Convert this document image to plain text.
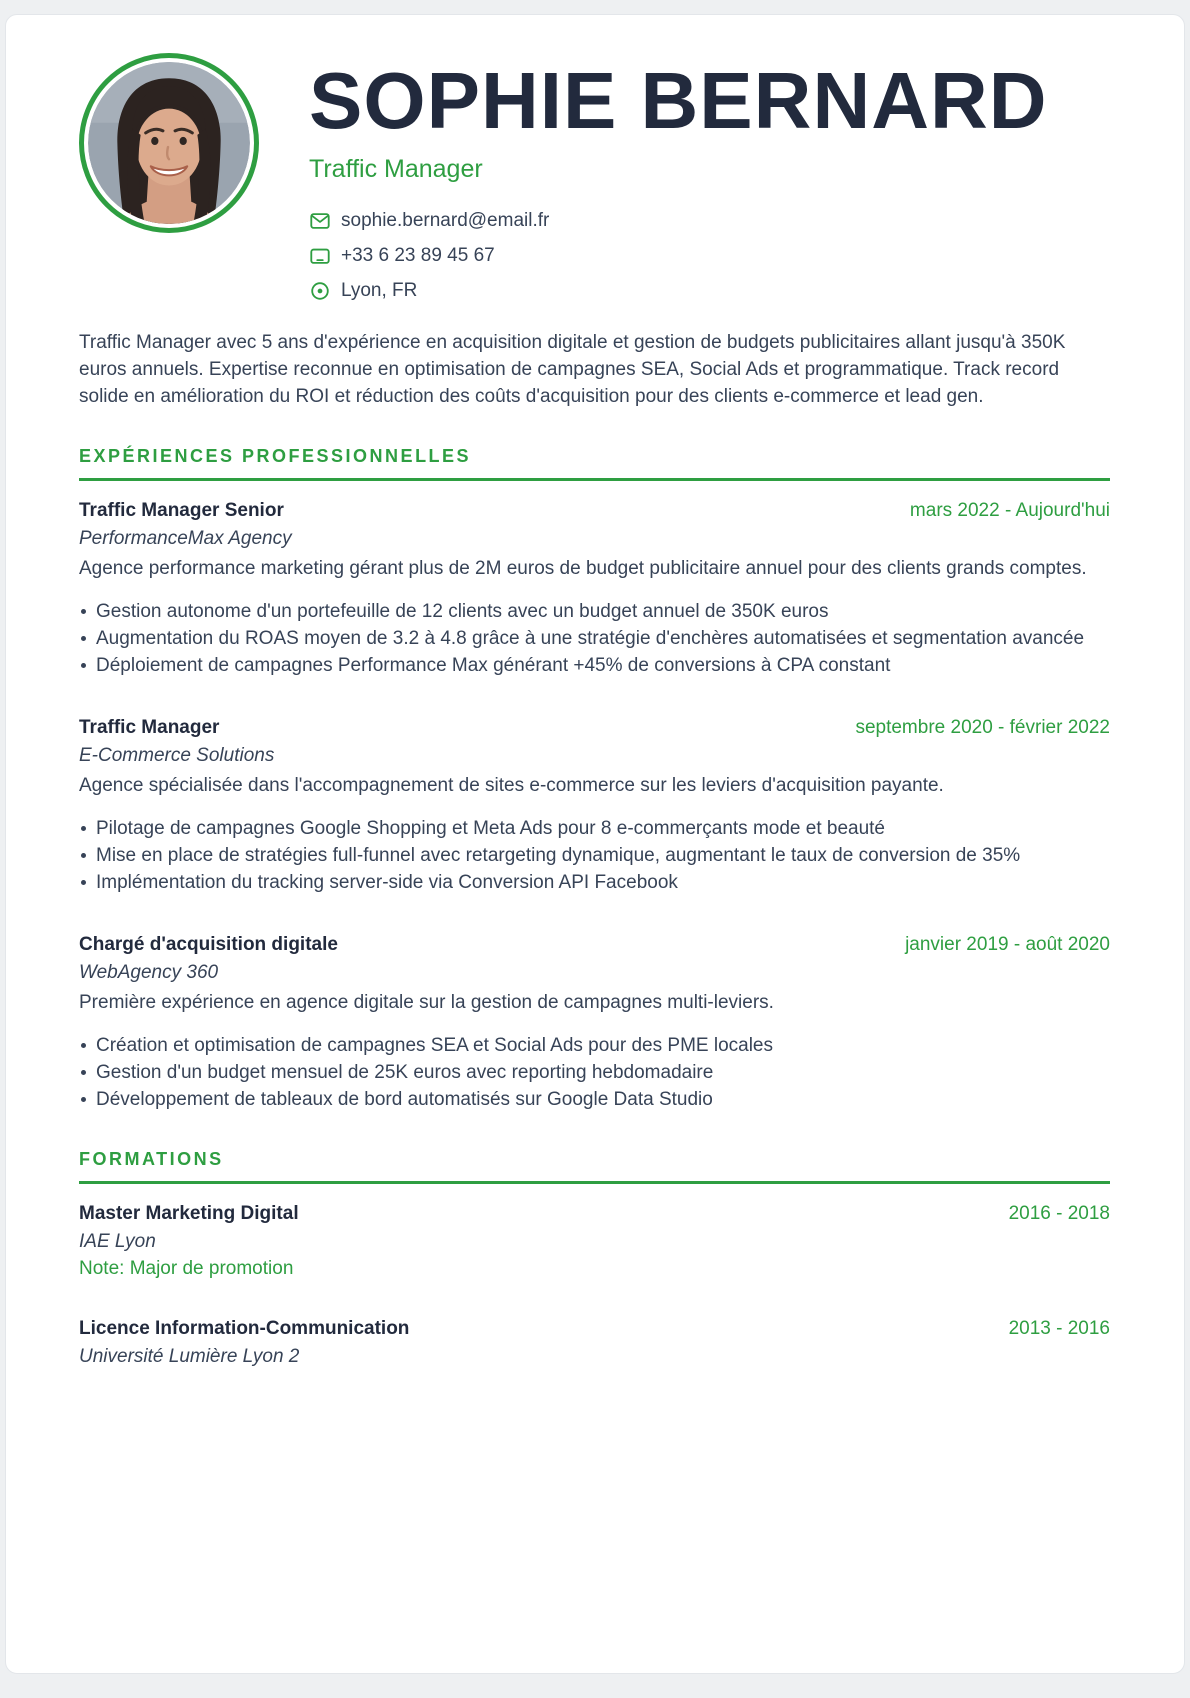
SOPHIE BERNARD
Traffic Manager
sophie.bernard@email.fr
+33 6 23 89 45 67
Lyon, FR

Traffic Manager avec 5 ans d'expérience en acquisition digitale et gestion de budgets publicitaires allant jusqu'à 350K euros annuels. Expertise reconnue en optimisation de campagnes SEA, Social Ads et programmatique. Track record solide en amélioration du ROI et réduction des coûts d'acquisition pour des clients e-commerce et lead gen.

EXPÉRIENCES PROFESSIONNELLES
Traffic Manager Senior	mars 2022 - Aujourd'hui
PerformanceMax Agency
Agence performance marketing gérant plus de 2M euros de budget publicitaire annuel pour des clients grands comptes.
Gestion autonome d'un portefeuille de 12 clients avec un budget annuel de 350K euros
Augmentation du ROAS moyen de 3.2 à 4.8 grâce à une stratégie d'enchères automatisées et segmentation avancée
Déploiement de campagnes Performance Max générant +45% de conversions à CPA constant
Traffic Manager	septembre 2020 - février 2022
E-Commerce Solutions
Agence spécialisée dans l'accompagnement de sites e-commerce sur les leviers d'acquisition payante.
Pilotage de campagnes Google Shopping et Meta Ads pour 8 e-commerçants mode et beauté
Mise en place de stratégies full-funnel avec retargeting dynamique, augmentant le taux de conversion de 35%
Implémentation du tracking server-side via Conversion API Facebook
Chargé d'acquisition digitale	janvier 2019 - août 2020
WebAgency 360
Première expérience en agence digitale sur la gestion de campagnes multi-leviers.
Création et optimisation de campagnes SEA et Social Ads pour des PME locales
Gestion d'un budget mensuel de 25K euros avec reporting hebdomadaire
Développement de tableaux de bord automatisés sur Google Data Studio
FORMATIONS
Master Marketing Digital	2016 - 2018
IAE Lyon
Note: Major de promotion
Licence Information-Communication	2013 - 2016
Université Lumière Lyon 2
